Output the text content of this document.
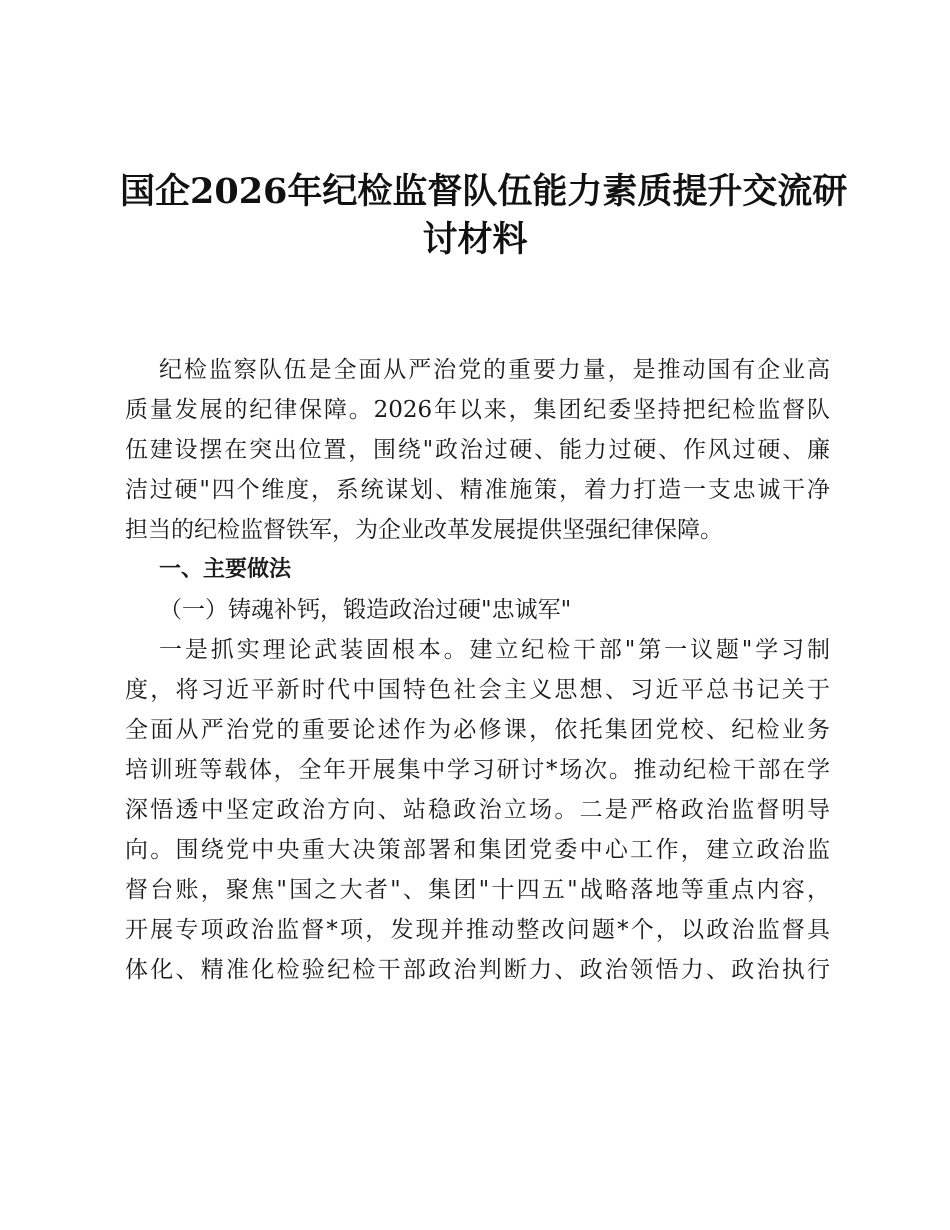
国企2026年纪检监督队伍能力素质提升交流研
讨材料
纪检监察队伍是全面从严治党的重要力量，是推动国有企业高
质量发展的纪律保障。2026年以来，集团纪委坚持把纪检监督队
伍建设摆在突出位置，围绕"政治过硬、能力过硬、作风过硬、廉
洁过硬"四个维度，系统谋划、精准施策，着力打造一支忠诚干净
担当的纪检监督铁军，为企业改革发展提供坚强纪律保障。
一、主要做法
（一）铸魂补钙，锻造政治过硬"忠诚军"
一是抓实理论武装固根本。建立纪检干部"第一议题"学习制
度，将习近平新时代中国特色社会主义思想、习近平总书记关于
全面从严治党的重要论述作为必修课，依托集团党校、纪检业务
培训班等载体，全年开展集中学习研讨*场次。推动纪检干部在学
深悟透中坚定政治方向、站稳政治立场。二是严格政治监督明导
向。围绕党中央重大决策部署和集团党委中心工作，建立政治监
督台账，聚焦"国之大者"、集团"十四五"战略落地等重点内容，
开展专项政治监督*项，发现并推动整改问题*个，以政治监督具
体化、精准化检验纪检干部政治判断力、政治领悟力、政治执行
